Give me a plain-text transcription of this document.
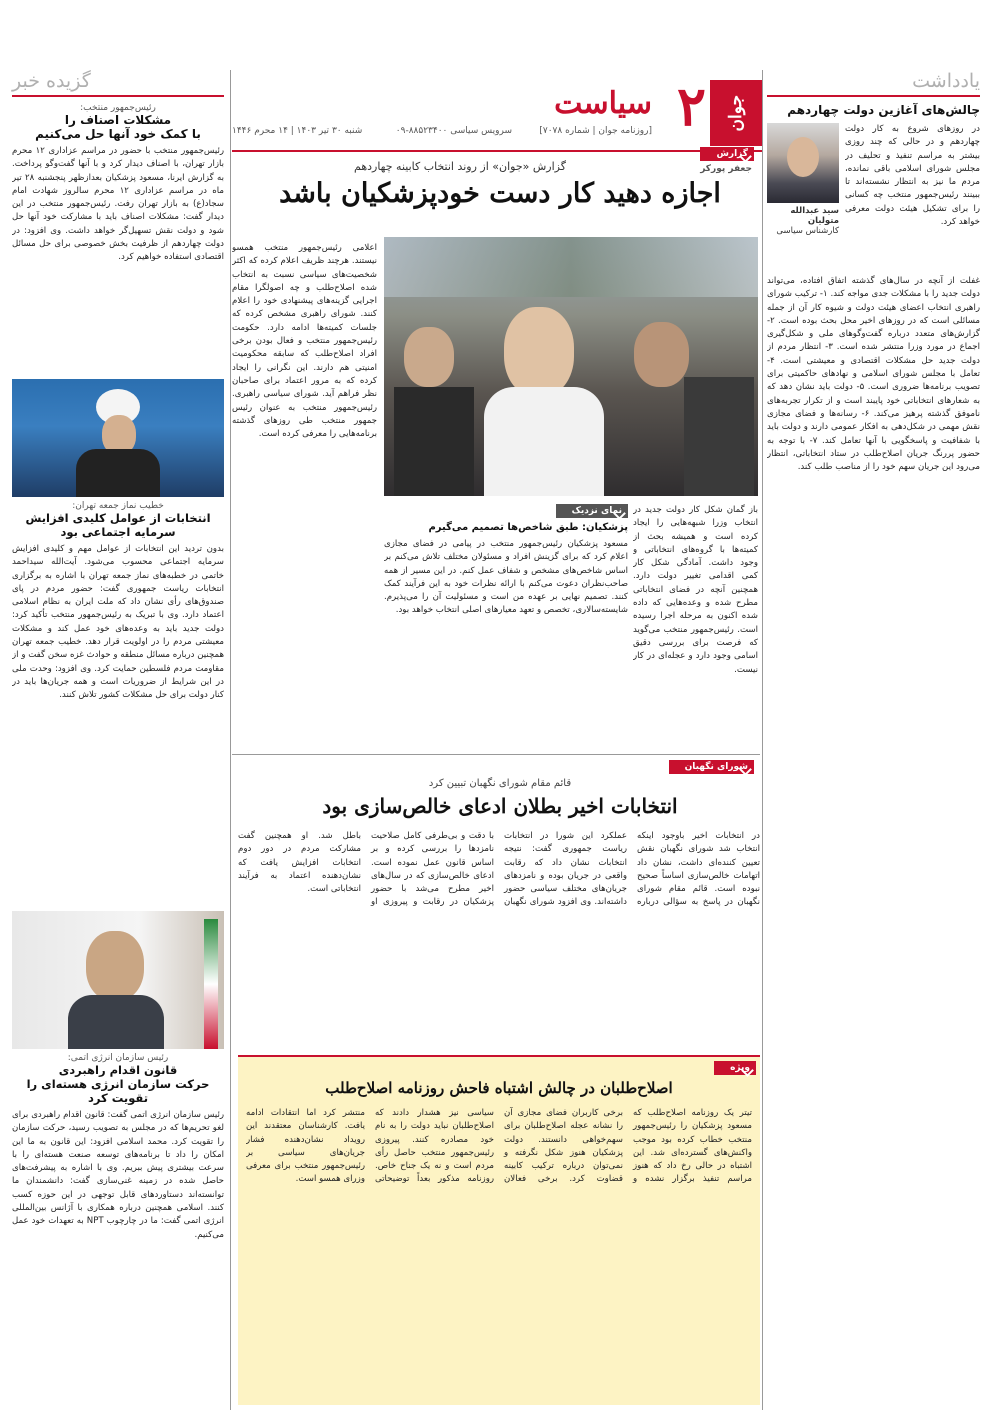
جوان
۲
سیاست
[روزنامه جوان | شماره ۷۰۷۸]
سرویس سیاسی ۸۸۵۲۳۴۰۰-۰۹
شنبه ۳۰ تیر ۱۴۰۳ | ۱۴ محرم ۱۴۴۶
یادداشت
چالش‌های آغازین دولت چهاردهم
در روزهای شروع به کار دولت چهاردهم و در حالی که چند روزی بیشتر به مراسم تنفیذ و تحلیف در مجلس شورای اسلامی باقی نمانده، مردم ما نیز به انتظار نشسته‌اند تا ببینند رئیس‌جمهور منتخب چه کسانی را برای تشکیل هیئت دولت معرفی خواهد کرد.
سید عبدالله متولیان
کارشناس سیاسی
غفلت از آنچه در سال‌های گذشته اتفاق افتاده، می‌تواند دولت جدید را با مشکلات جدی مواجه کند. ۱- ترکیب شورای راهبری انتخاب اعضای هیئت دولت و شیوه کار آن از جمله مسائلی است که در روزهای اخیر محل بحث بوده است. ۲- گزارش‌های متعدد درباره گفت‌وگوهای ملی و شکل‌گیری اجماع در مورد وزرا منتشر شده است. ۳- انتظار مردم از دولت جدید حل مشکلات اقتصادی و معیشتی است. ۴- تعامل با مجلس شورای اسلامی و نهادهای حاکمیتی برای تصویب برنامه‌ها ضروری است. ۵- دولت باید نشان دهد که به شعارهای انتخاباتی خود پایبند است و از تکرار تجربه‌های ناموفق گذشته پرهیز می‌کند. ۶- رسانه‌ها و فضای مجازی نقش مهمی در شکل‌دهی به افکار عمومی دارند و دولت باید با شفافیت و پاسخگویی با آنها تعامل کند. ۷- با توجه به حضور پررنگ جریان اصلاح‌طلب در ستاد انتخاباتی، انتظار می‌رود این جریان سهم خود را از مناصب طلب کند.
گزارش
جعفر پورکر
گزارش «جوان» از روند انتخاب کابینه چهاردهم
اجازه دهید کار دست خودپزشکیان باشد
اعلامی رئیس‌جمهور منتخب همسو نیستند. هرچند ظریف اعلام کرده که اکثر شخصیت‌های سیاسی نسبت به انتخاب شده اصلاح‌طلب و چه اصولگرا مقام اجرایی گزینه‌های پیشنهادی خود را اعلام کنند. شورای راهبری مشخص کرده که جلسات کمیته‌ها ادامه دارد. حکومت رئیس‌جمهور منتخب و فعال بودن برخی افراد اصلاح‌طلب که سابقه محکومیت امنیتی هم دارند. این نگرانی را ایجاد کرده که به مرور اعتماد برای صاحبان نظر فراهم آید. شورای سیاسی راهبری. رئیس‌جمهور منتخب به عنوان رئیس جمهور منتخب طی روزهای گذشته برنامه‌هایی را معرفی کرده است.
باز گمان شکل کار دولت جدید در انتخاب وزرا شبهه‌هایی را ایجاد کرده است و همیشه بحث از کمیته‌ها با گروه‌های انتخاباتی و وجود داشت. آمادگی شکل کار کمی اقدامی تغییر دولت دارد. همچنین آنچه در فضای انتخاباتی مطرح شده و وعده‌هایی که داده شده اکنون به مرحله اجرا رسیده است. رئیس‌جمهور منتخب می‌گوید که فرصت برای بررسی دقیق اسامی وجود دارد و عجله‌ای در کار نیست.
نمای نزدیک
پزشکیان: طبق شاخص‌ها تصمیم می‌گیرم
مسعود پزشکیان رئیس‌جمهور منتخب در پیامی در فضای مجازی اعلام کرد که برای گزینش افراد و مسئولان مختلف تلاش می‌کنم بر اساس شاخص‌های مشخص و شفاف عمل کنم. در این مسیر از همه صاحب‌نظران دعوت می‌کنم با ارائه نظرات خود به این فرآیند کمک کنند. تصمیم نهایی بر عهده من است و مسئولیت آن را می‌پذیرم. شایسته‌سالاری، تخصص و تعهد معیارهای اصلی انتخاب خواهد بود.
شورای نگهبان
قائم مقام شورای نگهبان تبیین کرد
انتخابات اخیر بطلان ادعای خالص‌سازی بود
در انتخابات اخیر باوجود اینکه انتخاب شد شورای نگهبان نقش تعیین کننده‌ای داشت، نشان داد اتهامات خالص‌سازی اساساً صحیح نبوده است. قائم مقام شورای نگهبان در پاسخ به سؤالی درباره عملکرد این شورا در انتخابات ریاست جمهوری گفت: نتیجه انتخابات نشان داد که رقابت واقعی در جریان بوده و نامزدهای جریان‌های مختلف سیاسی حضور داشته‌اند. وی افزود شورای نگهبان با دقت و بی‌طرفی کامل صلاحیت نامزدها را بررسی کرده و بر اساس قانون عمل نموده است. ادعای خالص‌سازی که در سال‌های اخیر مطرح می‌شد با حضور پزشکیان در رقابت و پیروزی او باطل شد. او همچنین گفت مشارکت مردم در دور دوم انتخابات افزایش یافت که نشان‌دهنده اعتماد به فرآیند انتخاباتی است.
ویژه
اصلاح‌طلبان در چالش اشتباه فاحش روزنامه اصلاح‌طلب
تیتر یک روزنامه اصلاح‌طلب که مسعود پزشکیان را رئیس‌جمهور منتخب خطاب کرده بود موجب واکنش‌های گسترده‌ای شد. این اشتباه در حالی رخ داد که هنوز مراسم تنفیذ برگزار نشده و برخی کاربران فضای مجازی آن را نشانه عجله اصلاح‌طلبان برای سهم‌خواهی دانستند. دولت پزشکیان هنوز شکل نگرفته و نمی‌توان درباره ترکیب کابینه قضاوت کرد. برخی فعالان سیاسی نیز هشدار دادند که اصلاح‌طلبان نباید دولت را به نام خود مصادره کنند. پیروزی رئیس‌جمهور منتخب حاصل رأی مردم است و نه یک جناح خاص. روزنامه مذکور بعداً توضیحاتی منتشر کرد اما انتقادات ادامه یافت. کارشناسان معتقدند این رویداد نشان‌دهنده فشار جریان‌های سیاسی بر رئیس‌جمهور منتخب برای معرفی وزرای همسو است.
گزیده خبر
رئیس‌جمهور منتخب:
مشکلات اصناف را
با کمک خود آنها حل می‌کنیم
رئیس‌جمهور منتخب با حضور در مراسم عزاداری ۱۲ محرم بازار تهران، با اصناف دیدار کرد و با آنها گفت‌وگو پرداخت. به گزارش ایرنا، مسعود پزشکیان بعدازظهر پنجشنبه ۲۸ تیر ماه در مراسم عزاداری ۱۲ محرم سالروز شهادت امام سجاد(ع) به بازار تهران رفت. رئیس‌جمهور منتخب در این دیدار گفت: مشکلات اصناف باید با مشارکت خود آنها حل شود و دولت نقش تسهیل‌گر خواهد داشت. وی افزود: در دولت چهاردهم از ظرفیت بخش خصوصی برای حل مسائل اقتصادی استفاده خواهیم کرد.
خطیب نماز جمعه تهران:
انتخابات از عوامل کلیدی افزایش
سرمایه اجتماعی بود
بدون تردید این انتخابات از عوامل مهم و کلیدی افزایش سرمایه اجتماعی محسوب می‌شود. آیت‌الله سیداحمد خاتمی در خطبه‌های نماز جمعه تهران با اشاره به برگزاری انتخابات ریاست جمهوری گفت: حضور مردم در پای صندوق‌های رأی نشان داد که ملت ایران به نظام اسلامی اعتماد دارد. وی با تبریک به رئیس‌جمهور منتخب تأکید کرد: دولت جدید باید به وعده‌های خود عمل کند و مشکلات معیشتی مردم را در اولویت قرار دهد. خطیب جمعه تهران همچنین درباره مسائل منطقه و حوادث غزه سخن گفت و از مقاومت مردم فلسطین حمایت کرد. وی افزود: وحدت ملی در این شرایط از ضروریات است و همه جریان‌ها باید در کنار دولت برای حل مشکلات کشور تلاش کنند.
رئیس سازمان انرژی اتمی:
قانون اقدام راهبردی
حرکت سازمان انرژی هسته‌ای را تقویت کرد
رئیس سازمان انرژی اتمی گفت: قانون اقدام راهبردی برای لغو تحریم‌ها که در مجلس به تصویب رسید، حرکت سازمان را تقویت کرد. محمد اسلامی افزود: این قانون به ما این امکان را داد تا برنامه‌های توسعه صنعت هسته‌ای را با سرعت بیشتری پیش ببریم. وی با اشاره به پیشرفت‌های حاصل شده در زمینه غنی‌سازی گفت: دانشمندان ما توانسته‌اند دستاوردهای قابل توجهی در این حوزه کسب کنند. اسلامی همچنین درباره همکاری با آژانس بین‌المللی انرژی اتمی گفت: ما در چارچوب NPT به تعهدات خود عمل می‌کنیم.
